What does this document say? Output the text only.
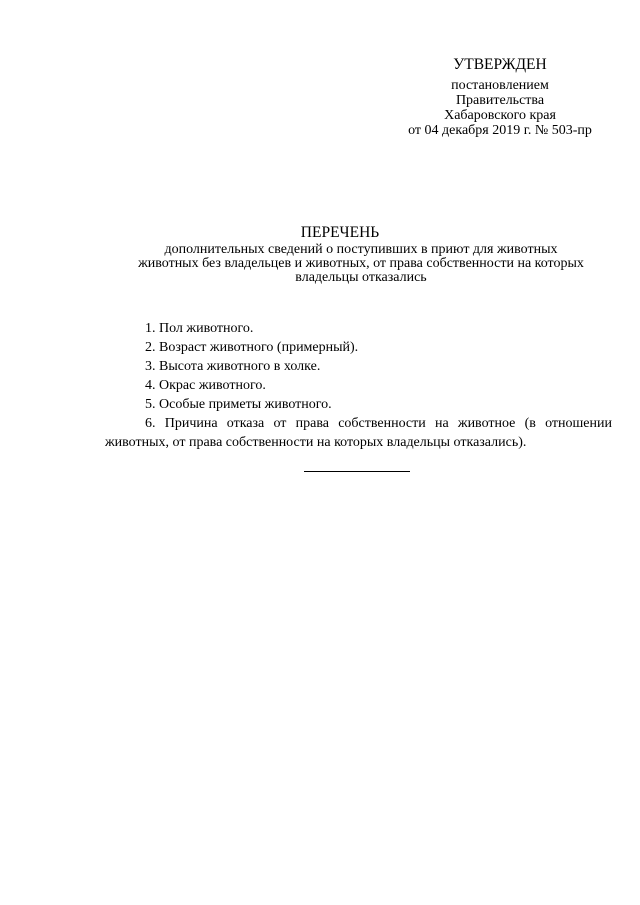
УТВЕРЖДЕН
постановлением
Правительства
Хабаровского края
от 04 декабря 2019 г. № 503-пр
ПЕРЕЧЕНЬ
дополнительных сведений о поступивших в приют для животных
животных без владельцев и животных, от права собственности на которых
владельцы отказались

1. Пол животного.

2. Возраст животного (примерный).

3. Высота животного в холке.

4. Окрас животного.

5. Особые приметы животного.

6. Причина отказа от права собственности на животное (в отношении животных, от права собственности на которых владельцы отказались).
